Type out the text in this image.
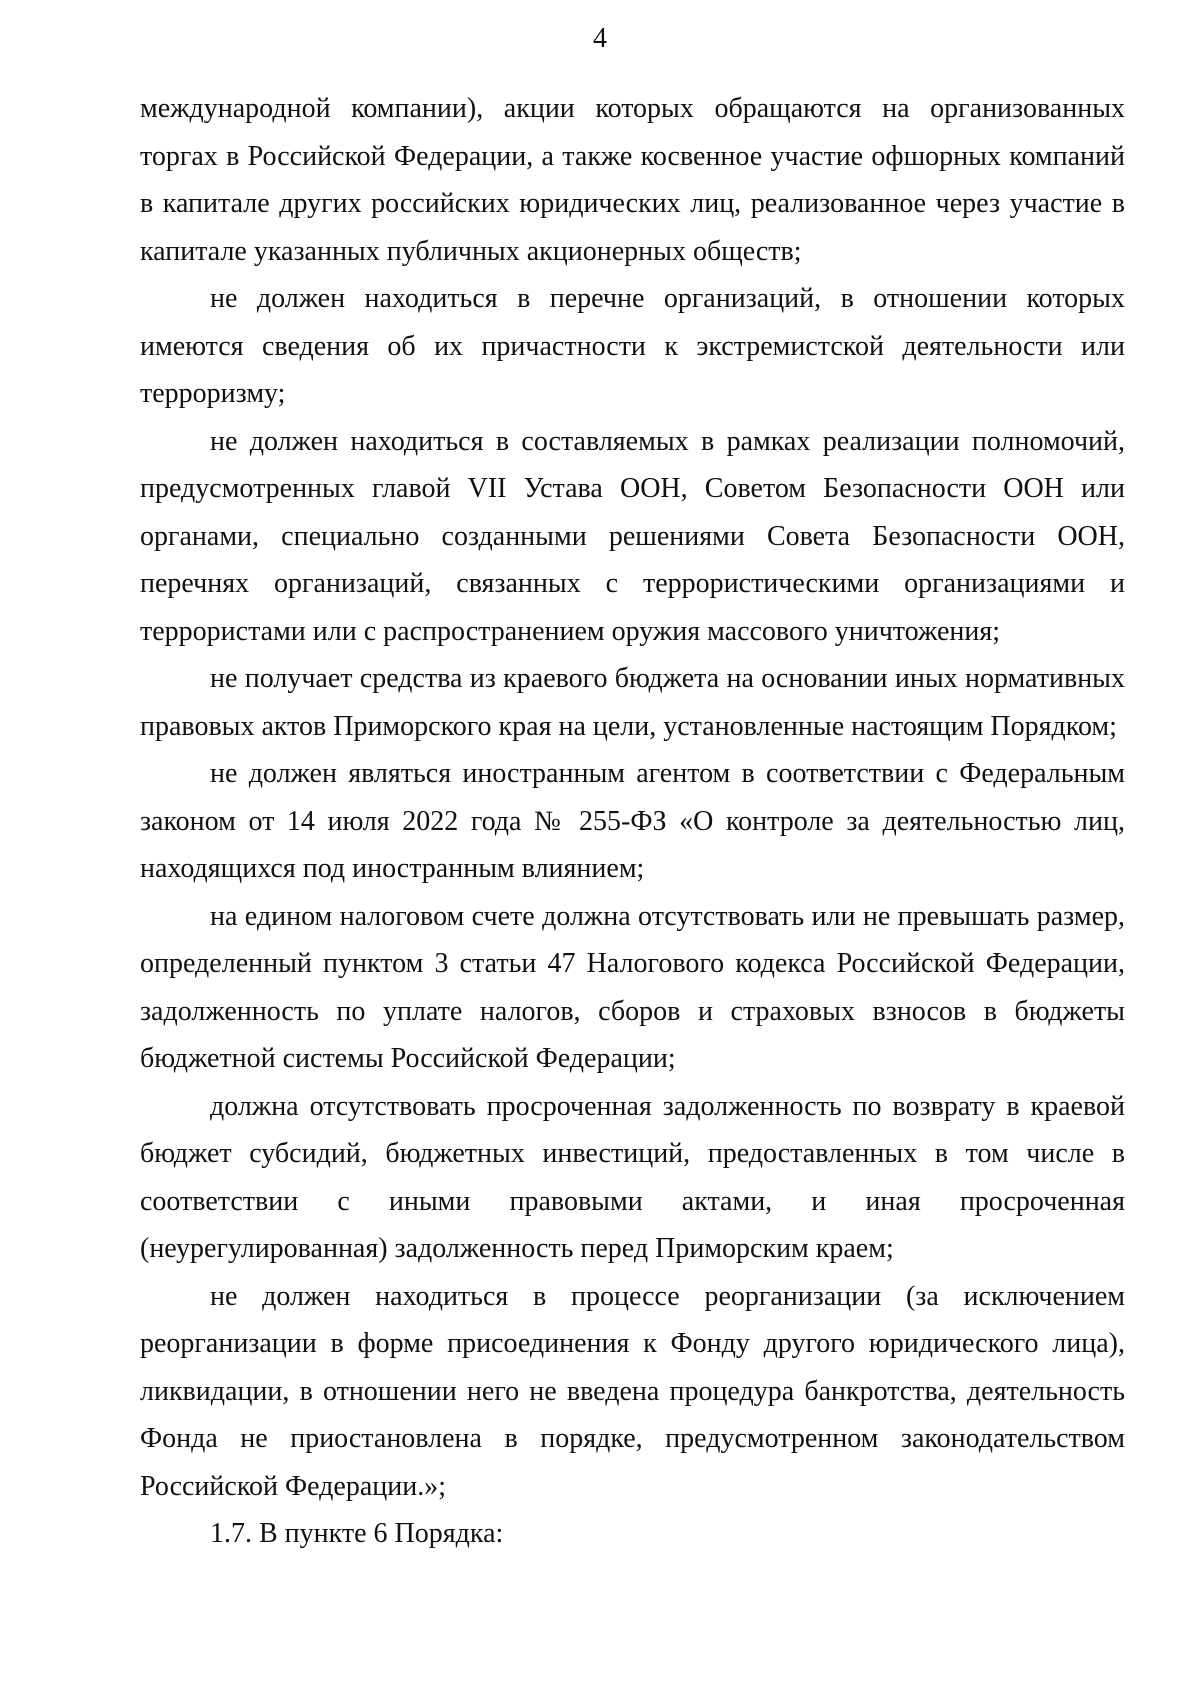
4

международной компании), акции которых обращаются на организованных торгах в Российской Федерации, а также косвенное участие офшорных компаний в капитале других российских юридических лиц, реализованное через участие в капитале указанных публичных акционерных обществ;

не должен находиться в перечне организаций, в отношении которых имеются сведения об их причастности к экстремистской деятельности или терроризму;

не должен находиться в составляемых в рамках реализации полномочий, предусмотренных главой VII Устава ООН, Советом Безопасности ООН или органами, специально созданными решениями Совета Безопасности ООН, перечнях организаций, связанных с террористическими организациями и террористами или с распространением оружия массового уничтожения;

не получает средства из краевого бюджета на основании иных нормативных правовых актов Приморского края на цели, установленные настоящим Порядком;

не должен являться иностранным агентом в соответствии с Федеральным законом от 14 июля 2022 года № 255-ФЗ «О контроле за деятельностью лиц, находящихся под иностранным влиянием;

на едином налоговом счете должна отсутствовать или не превышать размер, определенный пунктом 3 статьи 47 Налогового кодекса Российской Федерации, задолженность по уплате налогов, сборов и страховых взносов в бюджеты бюджетной системы Российской Федерации;

должна отсутствовать просроченная задолженность по возврату в краевой бюджет субсидий, бюджетных инвестиций, предоставленных в том числе в соответствии с иными правовыми актами, и иная просроченная (неурегулированная) задолженность перед Приморским краем;

не должен находиться в процессе реорганизации (за исключением реорганизации в форме присоединения к Фонду другого юридического лица), ликвидации, в отношении него не введена процедура банкротства, деятельность Фонда не приостановлена в порядке, предусмотренном законодательством Российской Федерации.»;

1.7. В пункте 6 Порядка:
